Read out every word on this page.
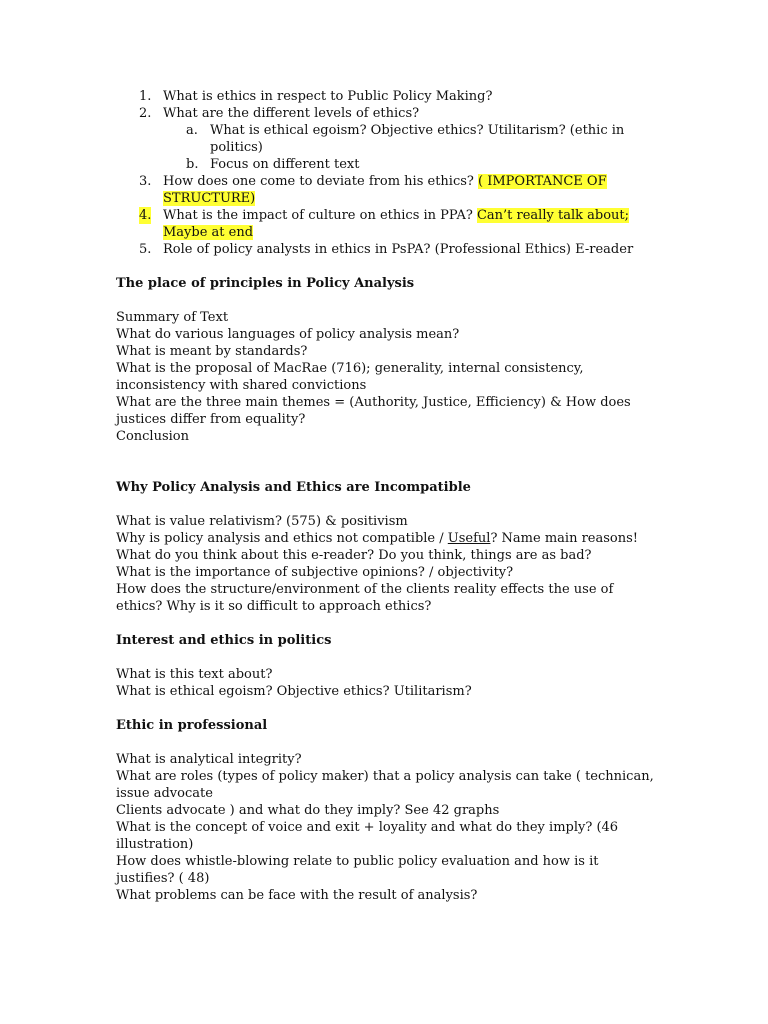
1. What is ethics in respect to Public Policy Making?
2. What are the different levels of ethics?
a. What is ethical egoism? Objective ethics? Utilitarism? (ethic in politics)
b. Focus on different text
3. How does one come to deviate from his ethics? ( IMPORTANCE OF STRUCTURE)
4. What is the impact of culture on ethics in PPA? Can’t really talk about; Maybe at end
5. Role of policy analysts in ethics in PsPA? (Professional Ethics) E-reader

The place of principles in Policy Analysis

Summary of Text

What do various languages of policy analysis mean?

What is meant by standards?

What is the proposal of MacRae (716); generality, internal consistency, inconsistency with shared convictions

What are the three main themes = (Authority, Justice, Efficiency) & How does justices differ from equality?

Conclusion

Why Policy Analysis and Ethics are Incompatible

What is value relativism? (575) & positivism

Why is policy analysis and ethics not compatible / Useful? Name main reasons!

What do you think about this e-reader? Do you think, things are as bad?

What is the importance of subjective opinions? / objectivity?

How does the structure/environment of the clients reality effects the use of ethics? Why is it so difficult to approach ethics?

Interest and ethics in politics

What is this text about?

What is ethical egoism? Objective ethics? Utilitarism?

Ethic in professional

What is analytical integrity?

What are roles (types of policy maker) that a policy analysis can take ( technican, issue advocate

Clients advocate ) and what do they imply? See 42 graphs

What is the concept of voice and exit + loyality and what do they imply? (46 illustration)

How does whistle-blowing relate to public policy evaluation and how is it justifies? ( 48)

What problems can be face with the result of analysis?
